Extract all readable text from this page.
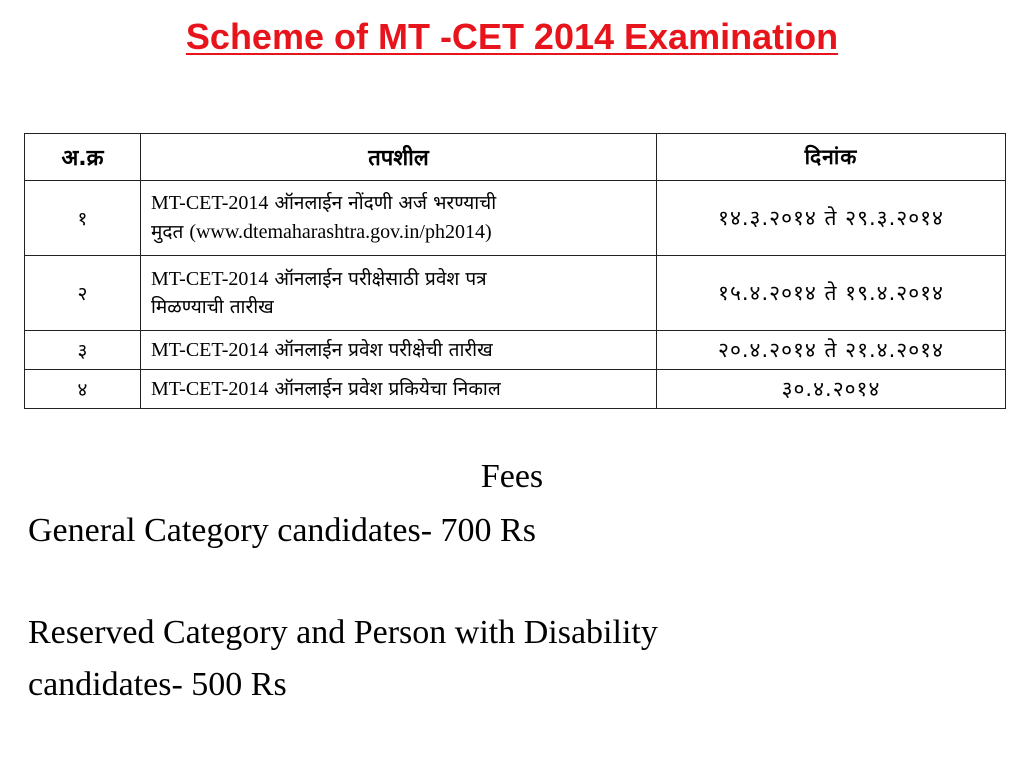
Scheme of MT -CET 2014 Examination
अ.क्र	तपशील	दिनांक
१	MT-CET-2014 ऑनलाईन नोंदणी अर्ज भरण्याची
मुदत (www.dtemaharashtra.gov.in/ph2014)	१४.३.२०१४ ते २९.३.२०१४
२	MT-CET-2014 ऑनलाईन परीक्षेसाठी प्रवेश पत्र
मिळण्याची तारीख	१५.४.२०१४ ते १९.४.२०१४
३	MT-CET-2014 ऑनलाईन प्रवेश परीक्षेची तारीख	२०.४.२०१४ ते २१.४.२०१४
४	MT-CET-2014 ऑनलाईन प्रवेश प्रकियेचा निकाल	३०.४.२०१४
Fees
General Category candidates- 700 Rs
Reserved Category and Person with Disability
candidates- 500 Rs
